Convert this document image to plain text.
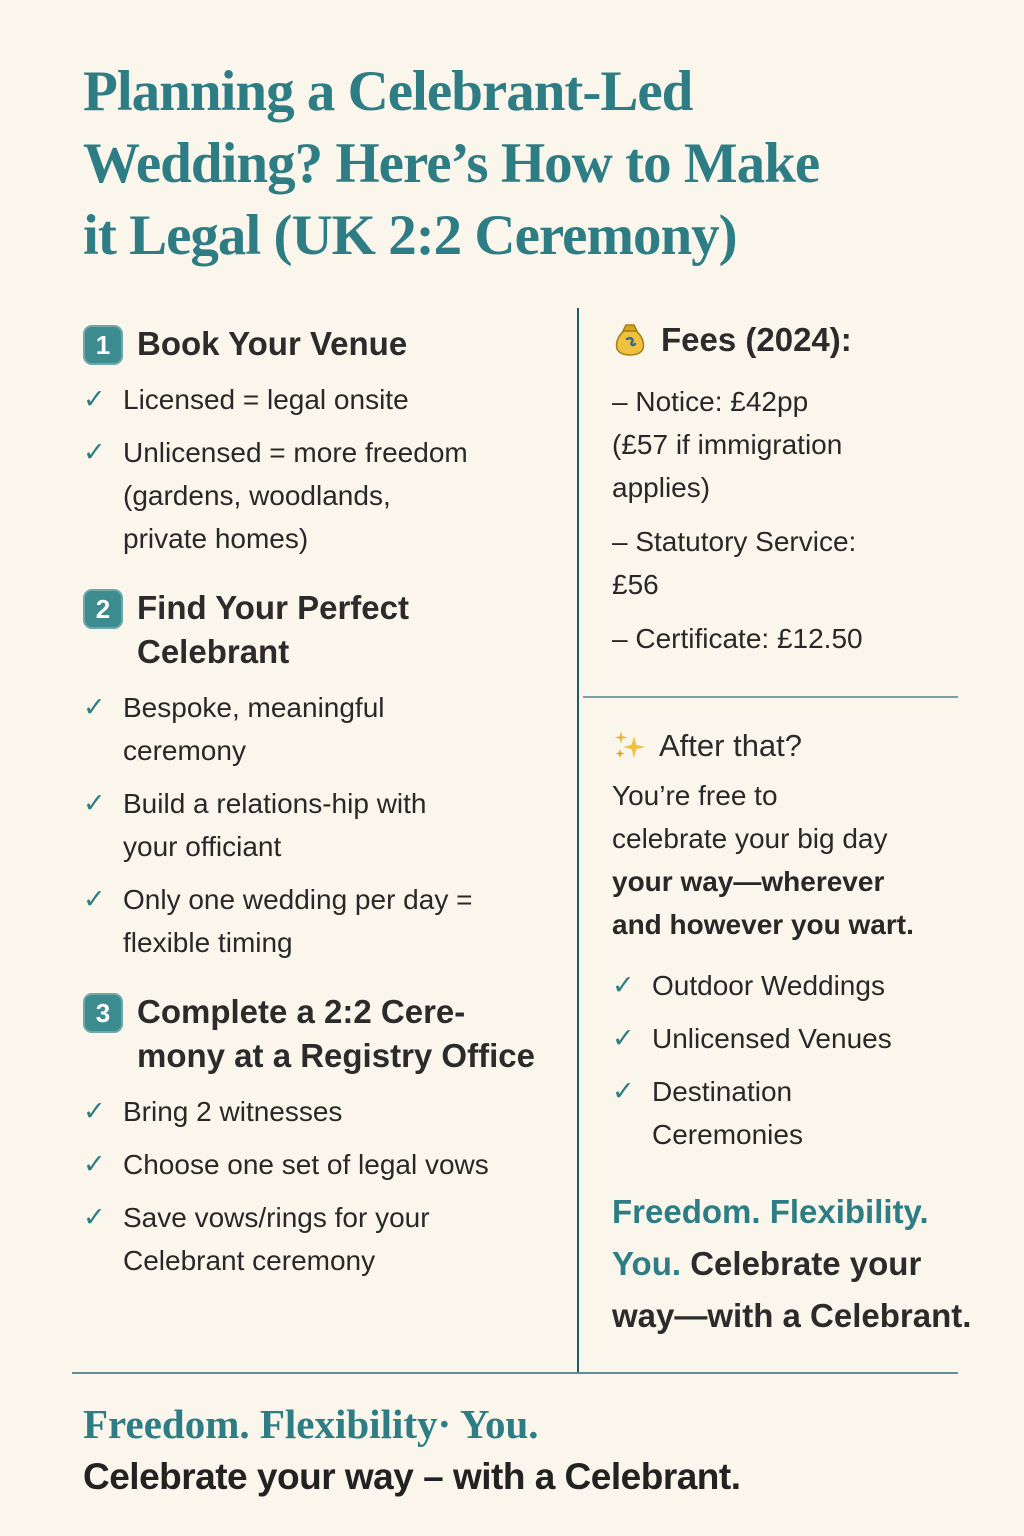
Planning a Celebrant-Led
Wedding? Here’s How to Make
it Legal (UK 2:2 Ceremony)
1 Book Your Venue
✓ Licensed = legal onsite
✓ Unlicensed = more freedom
(gardens, woodlands,
private homes)
2 Find Your Perfect
Celebrant
✓ Bespoke, meaningful
ceremony
✓ Build a relations-hip with
your officiant
✓ Only one wedding per day =
flexible timing
3 Complete a 2:2 Cere-
mony at a Registry Office
✓ Bring 2 witnesses
✓ Choose one set of legal vows
✓ Save vows/rings for your
Celebrant ceremony
Fees (2024):
– Notice: £42pp
(£57 if immigration
applies)
– Statutory Service:
£56
– Certificate: £12.50
After that?
You’re free to
celebrate your big day
your way—wherever
and however you wart.
✓ Outdoor Weddings
✓ Unlicensed Venues
✓ Destination
Ceremonies
Freedom. Flexibility.
You. Celebrate your
way—with a Celebrant.
Freedom. Flexibility· You.
Celebrate your way – with a Celebrant.
